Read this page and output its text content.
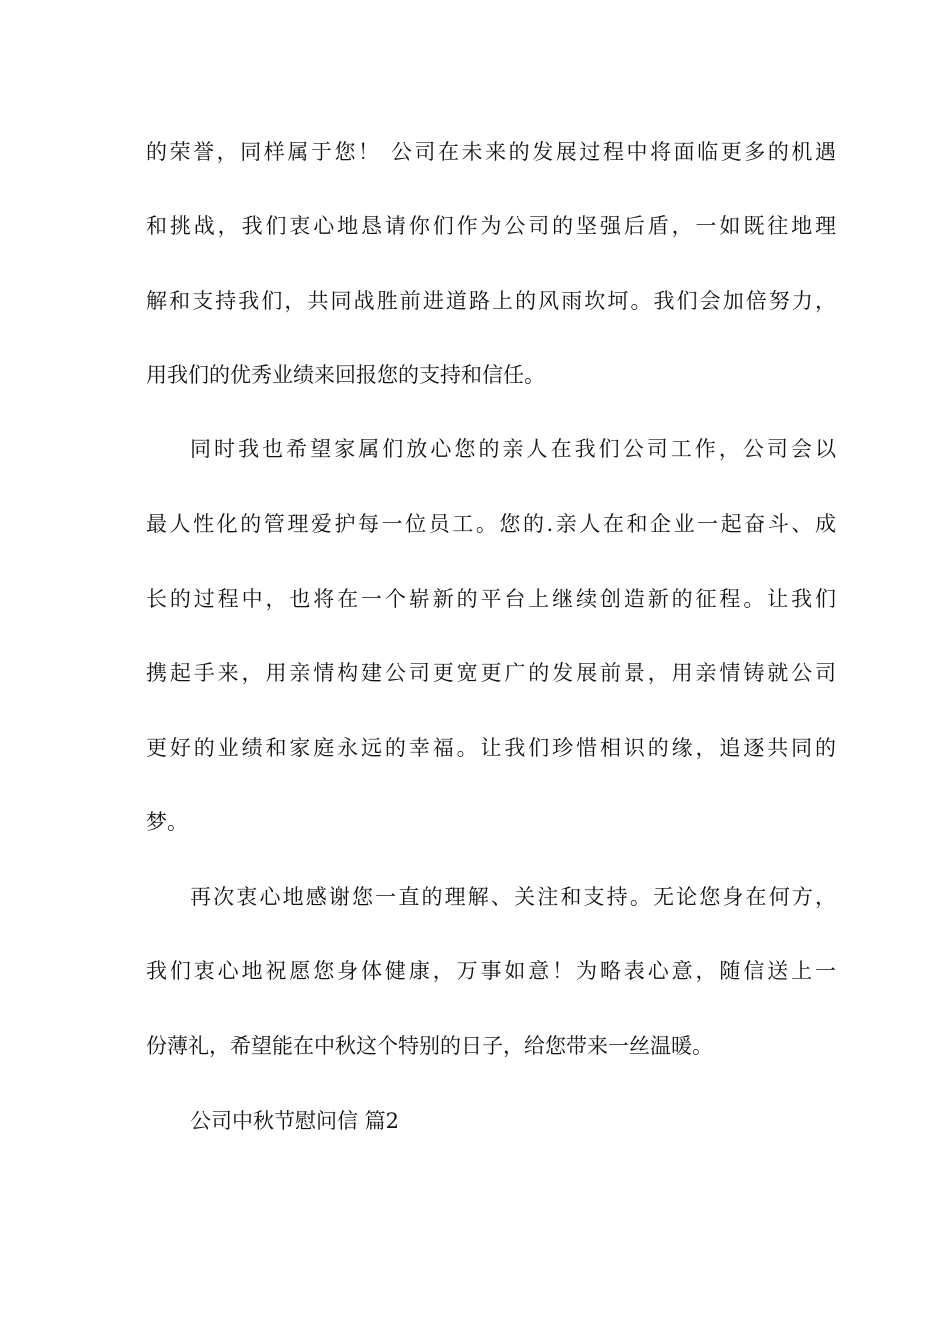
的荣誉，同样属于您！ 公司在未来的发展过程中将面临更多的机遇
和挑战，我们衷心地恳请你们作为公司的坚强后盾，一如既往地理
解和支持我们，共同战胜前进道路上的风雨坎坷。我们会加倍努力，
用我们的优秀业绩来回报您的支持和信任。
同时我也希望家属们放心您的亲人在我们公司工作，公司会以
最人性化的管理爱护每一位员工。您的.亲人在和企业一起奋斗、成
长的过程中，也将在一个崭新的平台上继续创造新的征程。让我们
携起手来，用亲情构建公司更宽更广的发展前景，用亲情铸就公司
更好的业绩和家庭永远的幸福。让我们珍惜相识的缘，追逐共同的
梦。
再次衷心地感谢您一直的理解、关注和支持。无论您身在何方，
我们衷心地祝愿您身体健康，万事如意！为略表心意，随信送上一
份薄礼，希望能在中秋这个特别的日子，给您带来一丝温暖。
公司中秋节慰问信 篇2
